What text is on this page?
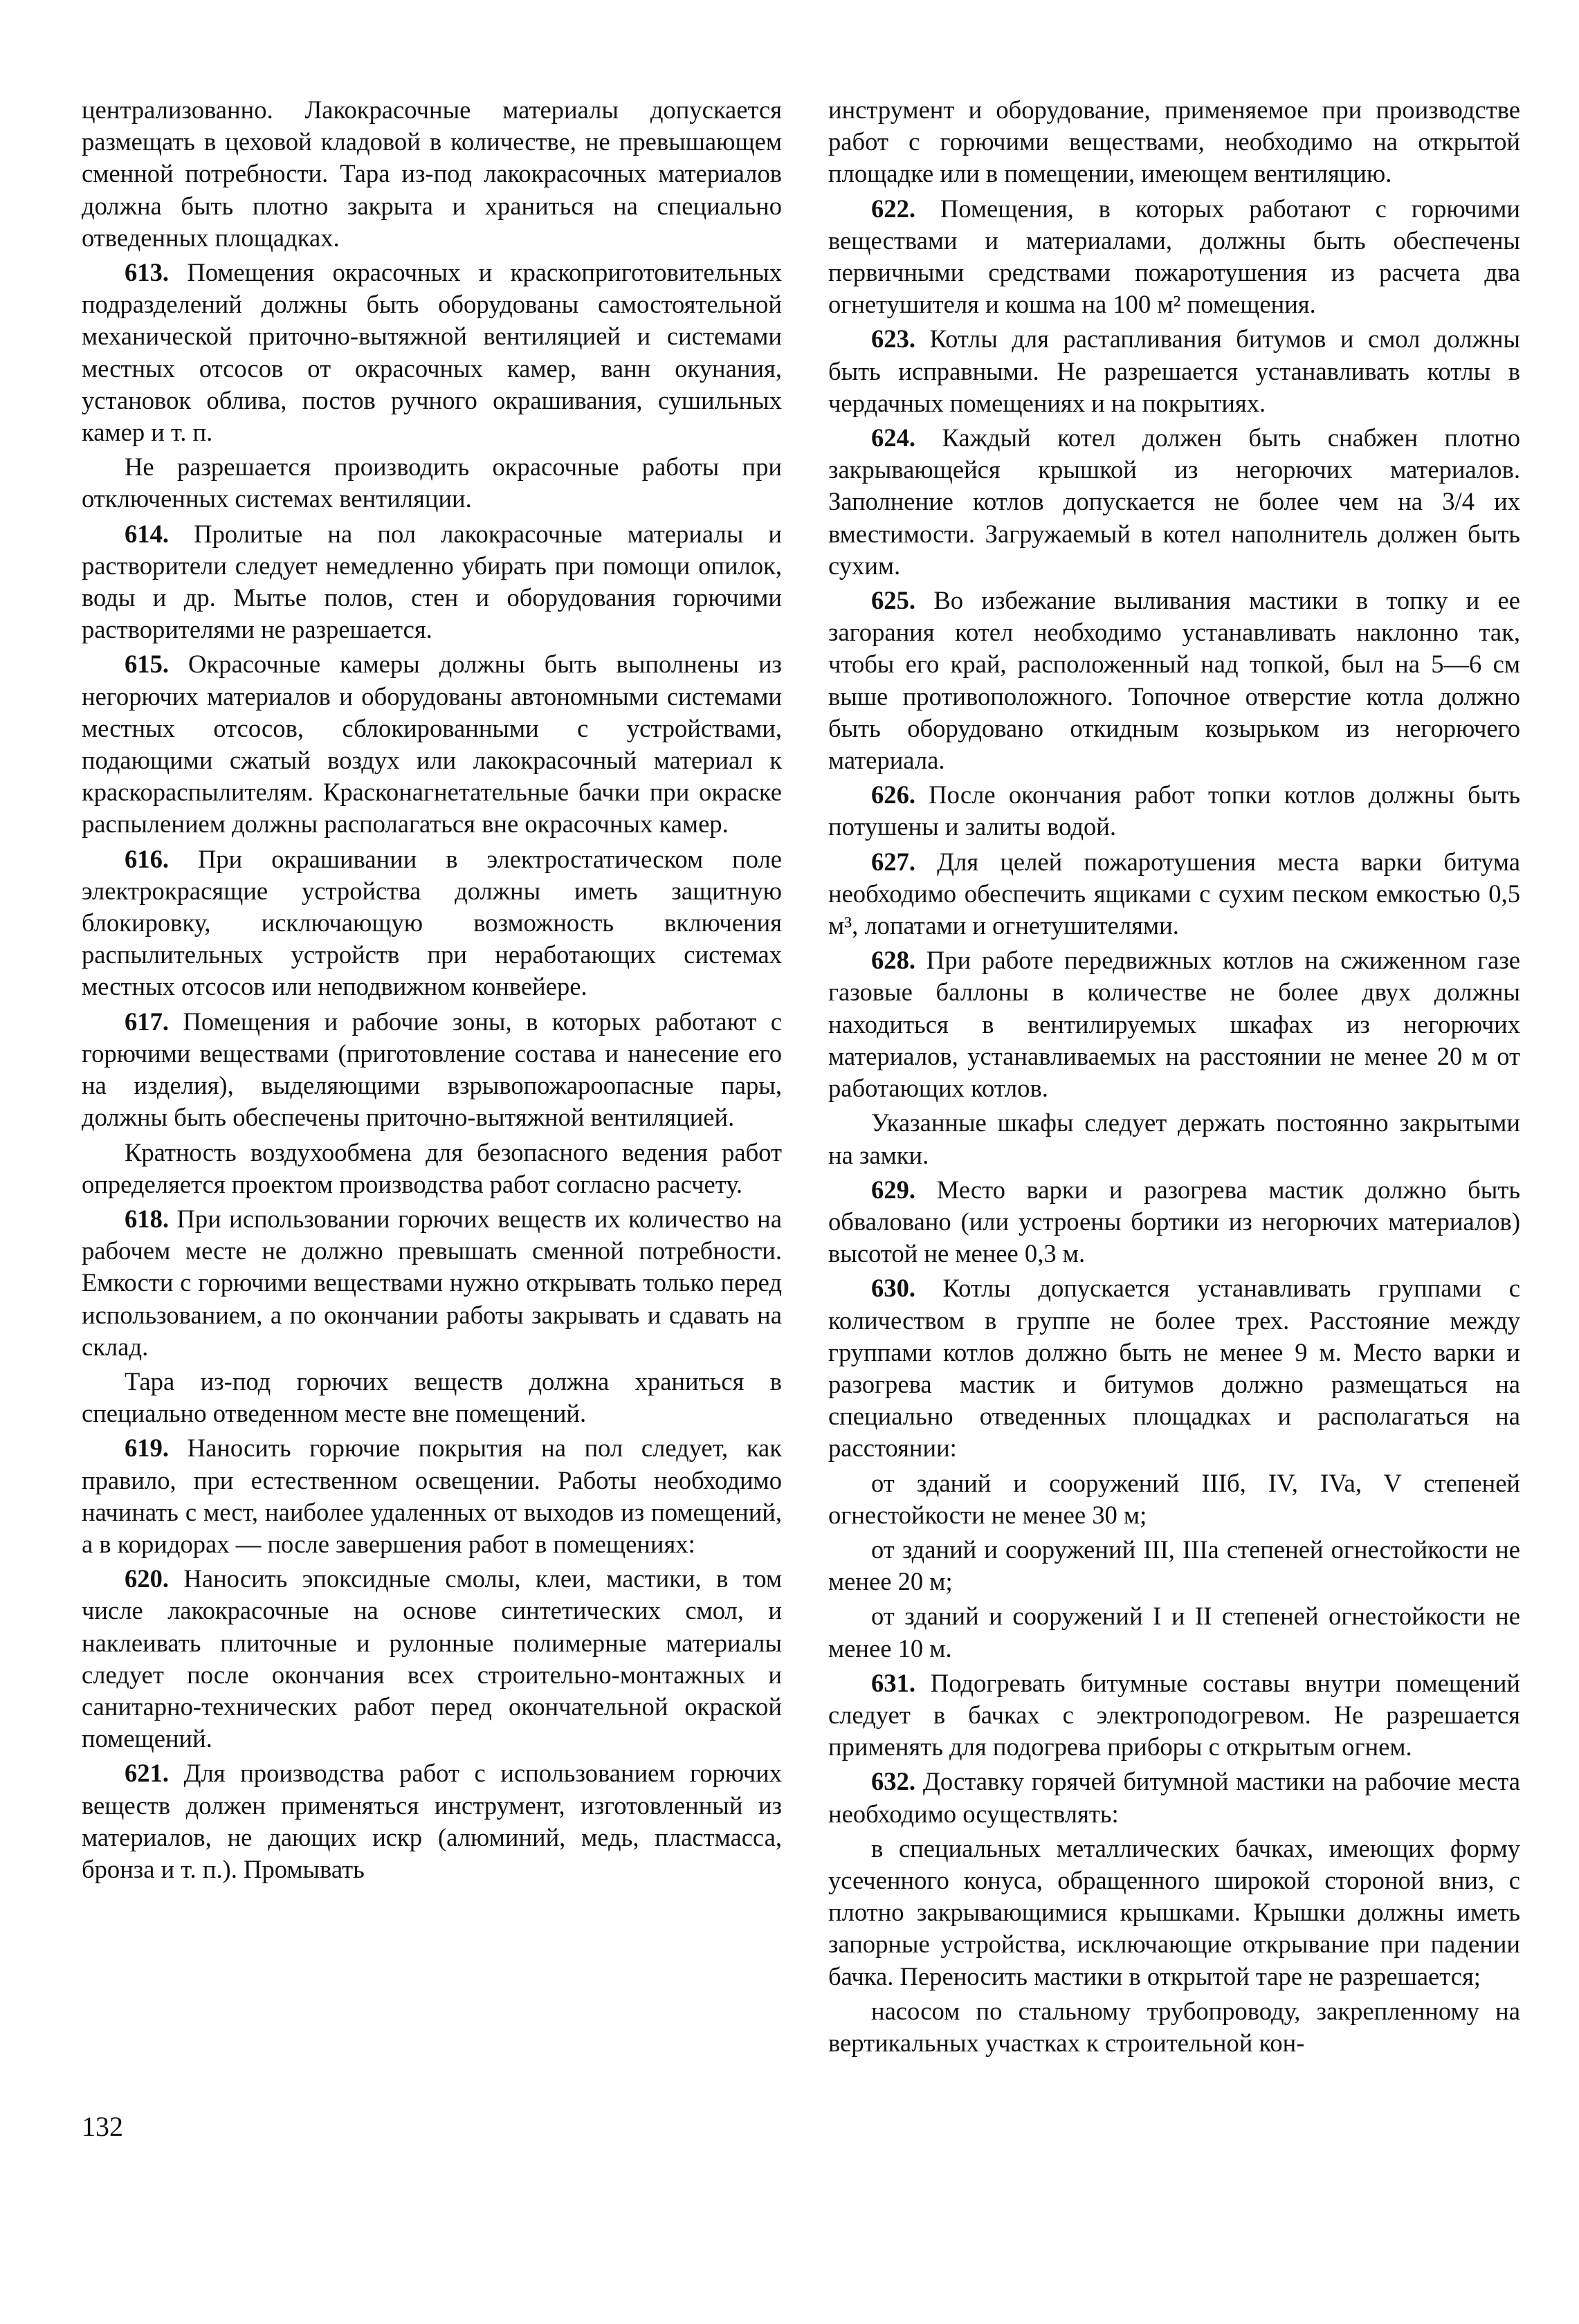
централизованно. Лакокрасочные материалы допускается размещать в цеховой кладовой в количестве, не превышающем сменной потребности. Тара из-под лакокрасочных материалов должна быть плотно закрыта и храниться на специально отведенных площадках.

613. Помещения окрасочных и краскоприготовительных подразделений должны быть оборудованы самостоятельной механической приточно-вытяжной вентиляцией и системами местных отсосов от окрасочных камер, ванн окунания, установок облива, постов ручного окрашивания, сушильных камер и т. п.

Не разрешается производить окрасочные работы при отключенных системах вентиляции.

614. Пролитые на пол лакокрасочные материалы и растворители следует немедленно убирать при помощи опилок, воды и др. Мытье полов, стен и оборудования горючими растворителями не разрешается.

615. Окрасочные камеры должны быть выполнены из негорючих материалов и оборудованы автономными системами местных отсосов, сблокированными с устройствами, подающими сжатый воздух или лакокрасочный материал к краскораспылителям. Красконагнетательные бачки при окраске распылением должны располагаться вне окрасочных камер.

616. При окрашивании в электростатическом поле электрокрасящие устройства должны иметь защитную блокировку, исключающую возможность включения распылительных устройств при неработающих системах местных отсосов или неподвижном конвейере.

617. Помещения и рабочие зоны, в которых работают с горючими веществами (приготовление состава и нанесение его на изделия), выделяющими взрывопожароопасные пары, должны быть обеспечены приточно-вытяжной вентиляцией.

Кратность воздухообмена для безопасного ведения работ определяется проектом производства работ согласно расчету.

618. При использовании горючих веществ их количество на рабочем месте не должно превышать сменной потребности. Емкости с горючими веществами нужно открывать только перед использованием, а по окончании работы закрывать и сдавать на склад.

Тара из-под горючих веществ должна храниться в специально отведенном месте вне помещений.

619. Наносить горючие покрытия на пол следует, как правило, при естественном освещении. Работы необходимо начинать с мест, наиболее удаленных от выходов из помещений, а в коридорах — после завершения работ в помещениях:

620. Наносить эпоксидные смолы, клеи, мастики, в том числе лакокрасочные на основе синтетических смол, и наклеивать плиточные и рулонные полимерные материалы следует после окончания всех строительно-монтажных и санитарно-технических работ перед окончательной окраской помещений.

621. Для производства работ с использованием горючих веществ должен применяться инструмент, изготовленный из материалов, не дающих искр (алюминий, медь, пластмасса, бронза и т. п.). Промывать

инструмент и оборудование, применяемое при производстве работ с горючими веществами, необходимо на открытой площадке или в помещении, имеющем вентиляцию.

622. Помещения, в которых работают с горючими веществами и материалами, должны быть обеспечены первичными средствами пожаротушения из расчета два огнетушителя и кошма на 100 м² помещения.

623. Котлы для растапливания битумов и смол должны быть исправными. Не разрешается устанавливать котлы в чердачных помещениях и на покрытиях.

624. Каждый котел должен быть снабжен плотно закрывающейся крышкой из негорючих материалов. Заполнение котлов допускается не более чем на 3/4 их вместимости. Загружаемый в котел наполнитель должен быть сухим.

625. Во избежание выливания мастики в топку и ее загорания котел необходимо устанавливать наклонно так, чтобы его край, расположенный над топкой, был на 5—6 см выше противоположного. Топочное отверстие котла должно быть оборудовано откидным козырьком из негорючего материала.

626. После окончания работ топки котлов должны быть потушены и залиты водой.

627. Для целей пожаротушения места варки битума необходимо обеспечить ящиками с сухим песком емкостью 0,5 м³, лопатами и огнетушителями.

628. При работе передвижных котлов на сжиженном газе газовые баллоны в количестве не более двух должны находиться в вентилируемых шкафах из негорючих материалов, устанавливаемых на расстоянии не менее 20 м от работающих котлов.

Указанные шкафы следует держать постоянно закрытыми на замки.

629. Место варки и разогрева мастик должно быть обваловано (или устроены бортики из негорючих материалов) высотой не менее 0,3 м.

630. Котлы допускается устанавливать группами с количеством в группе не более трех. Расстояние между группами котлов должно быть не менее 9 м. Место варки и разогрева мастик и битумов должно размещаться на специально отведенных площадках и располагаться на расстоянии:

от зданий и сооружений IIIб, IV, IVa, V степеней огнестойкости не менее 30 м;

от зданий и сооружений III, IIIa степеней огнестойкости не менее 20 м;

от зданий и сооружений I и II степеней огнестойкости не менее 10 м.

631. Подогревать битумные составы внутри помещений следует в бачках с электроподогревом. Не разрешается применять для подогрева приборы с открытым огнем.

632. Доставку горячей битумной мастики на рабочие места необходимо осуществлять:

в специальных металлических бачках, имеющих форму усеченного конуса, обращенного широкой стороной вниз, с плотно закрывающимися крышками. Крышки должны иметь запорные устройства, исключающие открывание при падении бачка. Переносить мастики в открытой таре не разрешается;

насосом по стальному трубопроводу, закрепленному на вертикальных участках к строительной кон-

132
